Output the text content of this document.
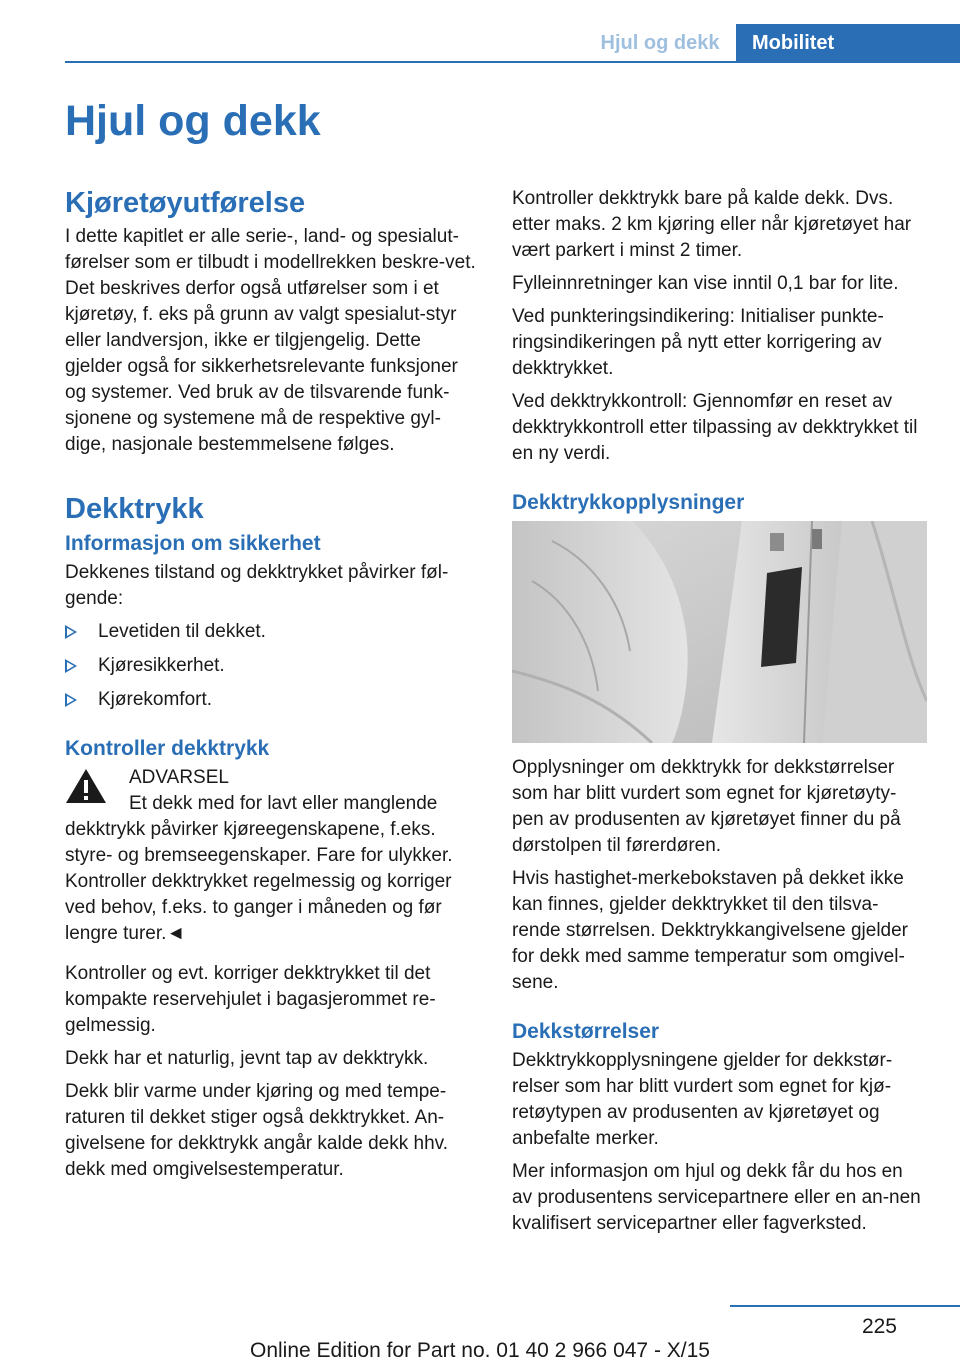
Hjul og dekk	Mobilitet
Hjul og dekk
Kjøretøyutførelse

I dette kapitlet er alle serie-, land- og spesialut-førelser som er tilbudt i modellrekken beskre-vet. Det beskrives derfor også utførelser som i et kjøretøy, f. eks på grunn av valgt spesialut-styr eller landversjon, ikke er tilgjengelig. Dette gjelder også for sikkerhetsrelevante funksjoner og systemer. Ved bruk av de tilsvarende funk-sjonene og systemene må de respektive gyl-dige, nasjonale bestemmelsene følges.

Dekktrykk
Informasjon om sikkerhet

Dekkenes tilstand og dekktrykket påvirker føl-gende:

Levetiden til dekket.
Kjøresikkerhet.
Kjørekomfort.
Kontroller dekktrykk
ADVARSEL
Et dekk med for lavt eller manglende
dekktrykk påvirker kjøreegenskapene, f.eks. styre- og bremseegenskaper. Fare for ulykker. Kontroller dekktrykket regelmessig og korriger ved behov, f.eks. to ganger i måneden og før lengre turer.◄

Kontroller og evt. korriger dekktrykket til det kompakte reservehjulet i bagasjerommet re-gelmessig.

Dekk har et naturlig, jevnt tap av dekktrykk.

Dekk blir varme under kjøring og med tempe-raturen til dekket stiger også dekktrykket. An-givelsene for dekktrykk angår kalde dekk hhv. dekk med omgivelsestemperatur.

Kontroller dekktrykk bare på kalde dekk. Dvs. etter maks. 2 km kjøring eller når kjøretøyet har vært parkert i minst 2 timer.

Fylleinnretninger kan vise inntil 0,1 bar for lite.

Ved punkteringsindikering: Initialiser punkte-ringsindikeringen på nytt etter korrigering av dekktrykket.

Ved dekktrykkontroll: Gjennomfør en reset av dekktrykkontroll etter tilpassing av dekktrykket til en ny verdi.

Dekktrykkopplysninger

Opplysninger om dekktrykk for dekkstørrelser som har blitt vurdert som egnet for kjøretøyty-pen av produsenten av kjøretøyet finner du på dørstolpen til førerdøren.

Hvis hastighet-merkebokstaven på dekket ikke kan finnes, gjelder dekktrykket til den tilsva-rende størrelsen. Dekktrykkangivelsene gjelder for dekk med samme temperatur som omgivel-sene.

Dekkstørrelser

Dekktrykkopplysningene gjelder for dekkstør-relser som har blitt vurdert som egnet for kjø-retøytypen av produsenten av kjøretøyet og anbefalte merker.

Mer informasjon om hjul og dekk får du hos en av produsentens servicepartnere eller en an-nen kvalifisert servicepartner eller fagverksted.

225
Online Edition for Part no. 01 40 2 966 047 - X/15
